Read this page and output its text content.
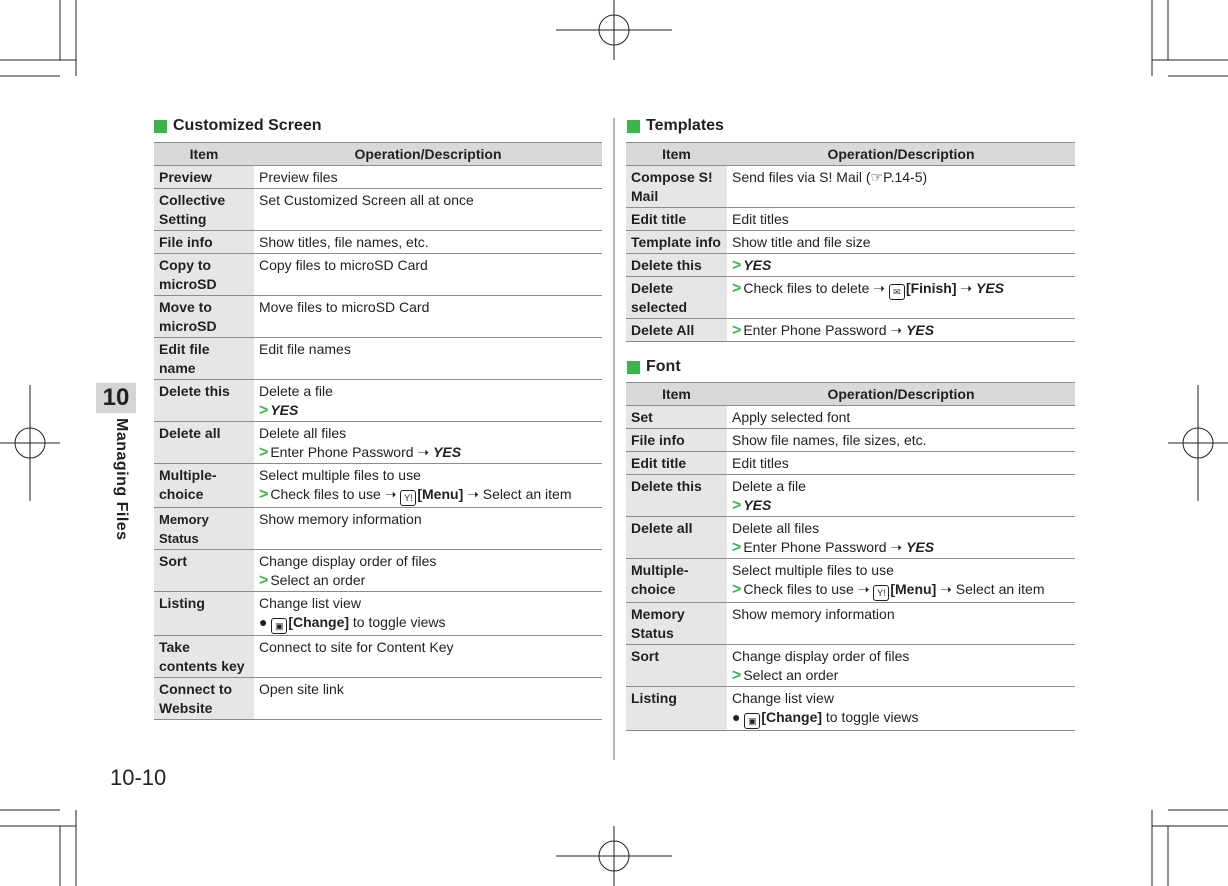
10
Managing Files
10-10
Customized Screen
Item	Operation/Description
Preview	Preview files

Collective Setting	Set Customized Screen all at once

File info	Show titles, file names, etc.

Copy to microSD	Copy files to microSD Card

Move to microSD	Move files to microSD Card

Edit file name	Edit file names

Delete this	Delete a file
> YES

Delete all	Delete all files
> Enter Phone Password ➝ YES

Multiple-choice	Select multiple files to use
> Check files to use ➝ Y! [Menu] ➝ Select an item

Memory Status	Show memory information

Sort	Change display order of files
> Select an order

Listing	Change list view
● ▣ [Change] to toggle views

Take contents key	Connect to site for Content Key

Connect to Website	Open site link
Templates
Item	Operation/Description
Compose S! Mail	Send files via S! Mail (☞P.14-5)

Edit title	Edit titles

Template info	Show title and file size

Delete this	> YES

Delete selected	> Check files to delete ➝ ✉ [Finish] ➝ YES

Delete All	> Enter Phone Password ➝ YES
Font
Item	Operation/Description
Set	Apply selected font

File info	Show file names, file sizes, etc.

Edit title	Edit titles

Delete this	Delete a file
> YES

Delete all	Delete all files
> Enter Phone Password ➝ YES

Multiple-choice	Select multiple files to use
> Check files to use ➝ Y! [Menu] ➝ Select an item

Memory Status	Show memory information

Sort	Change display order of files
> Select an order

Listing	Change list view
● ▣ [Change] to toggle views
